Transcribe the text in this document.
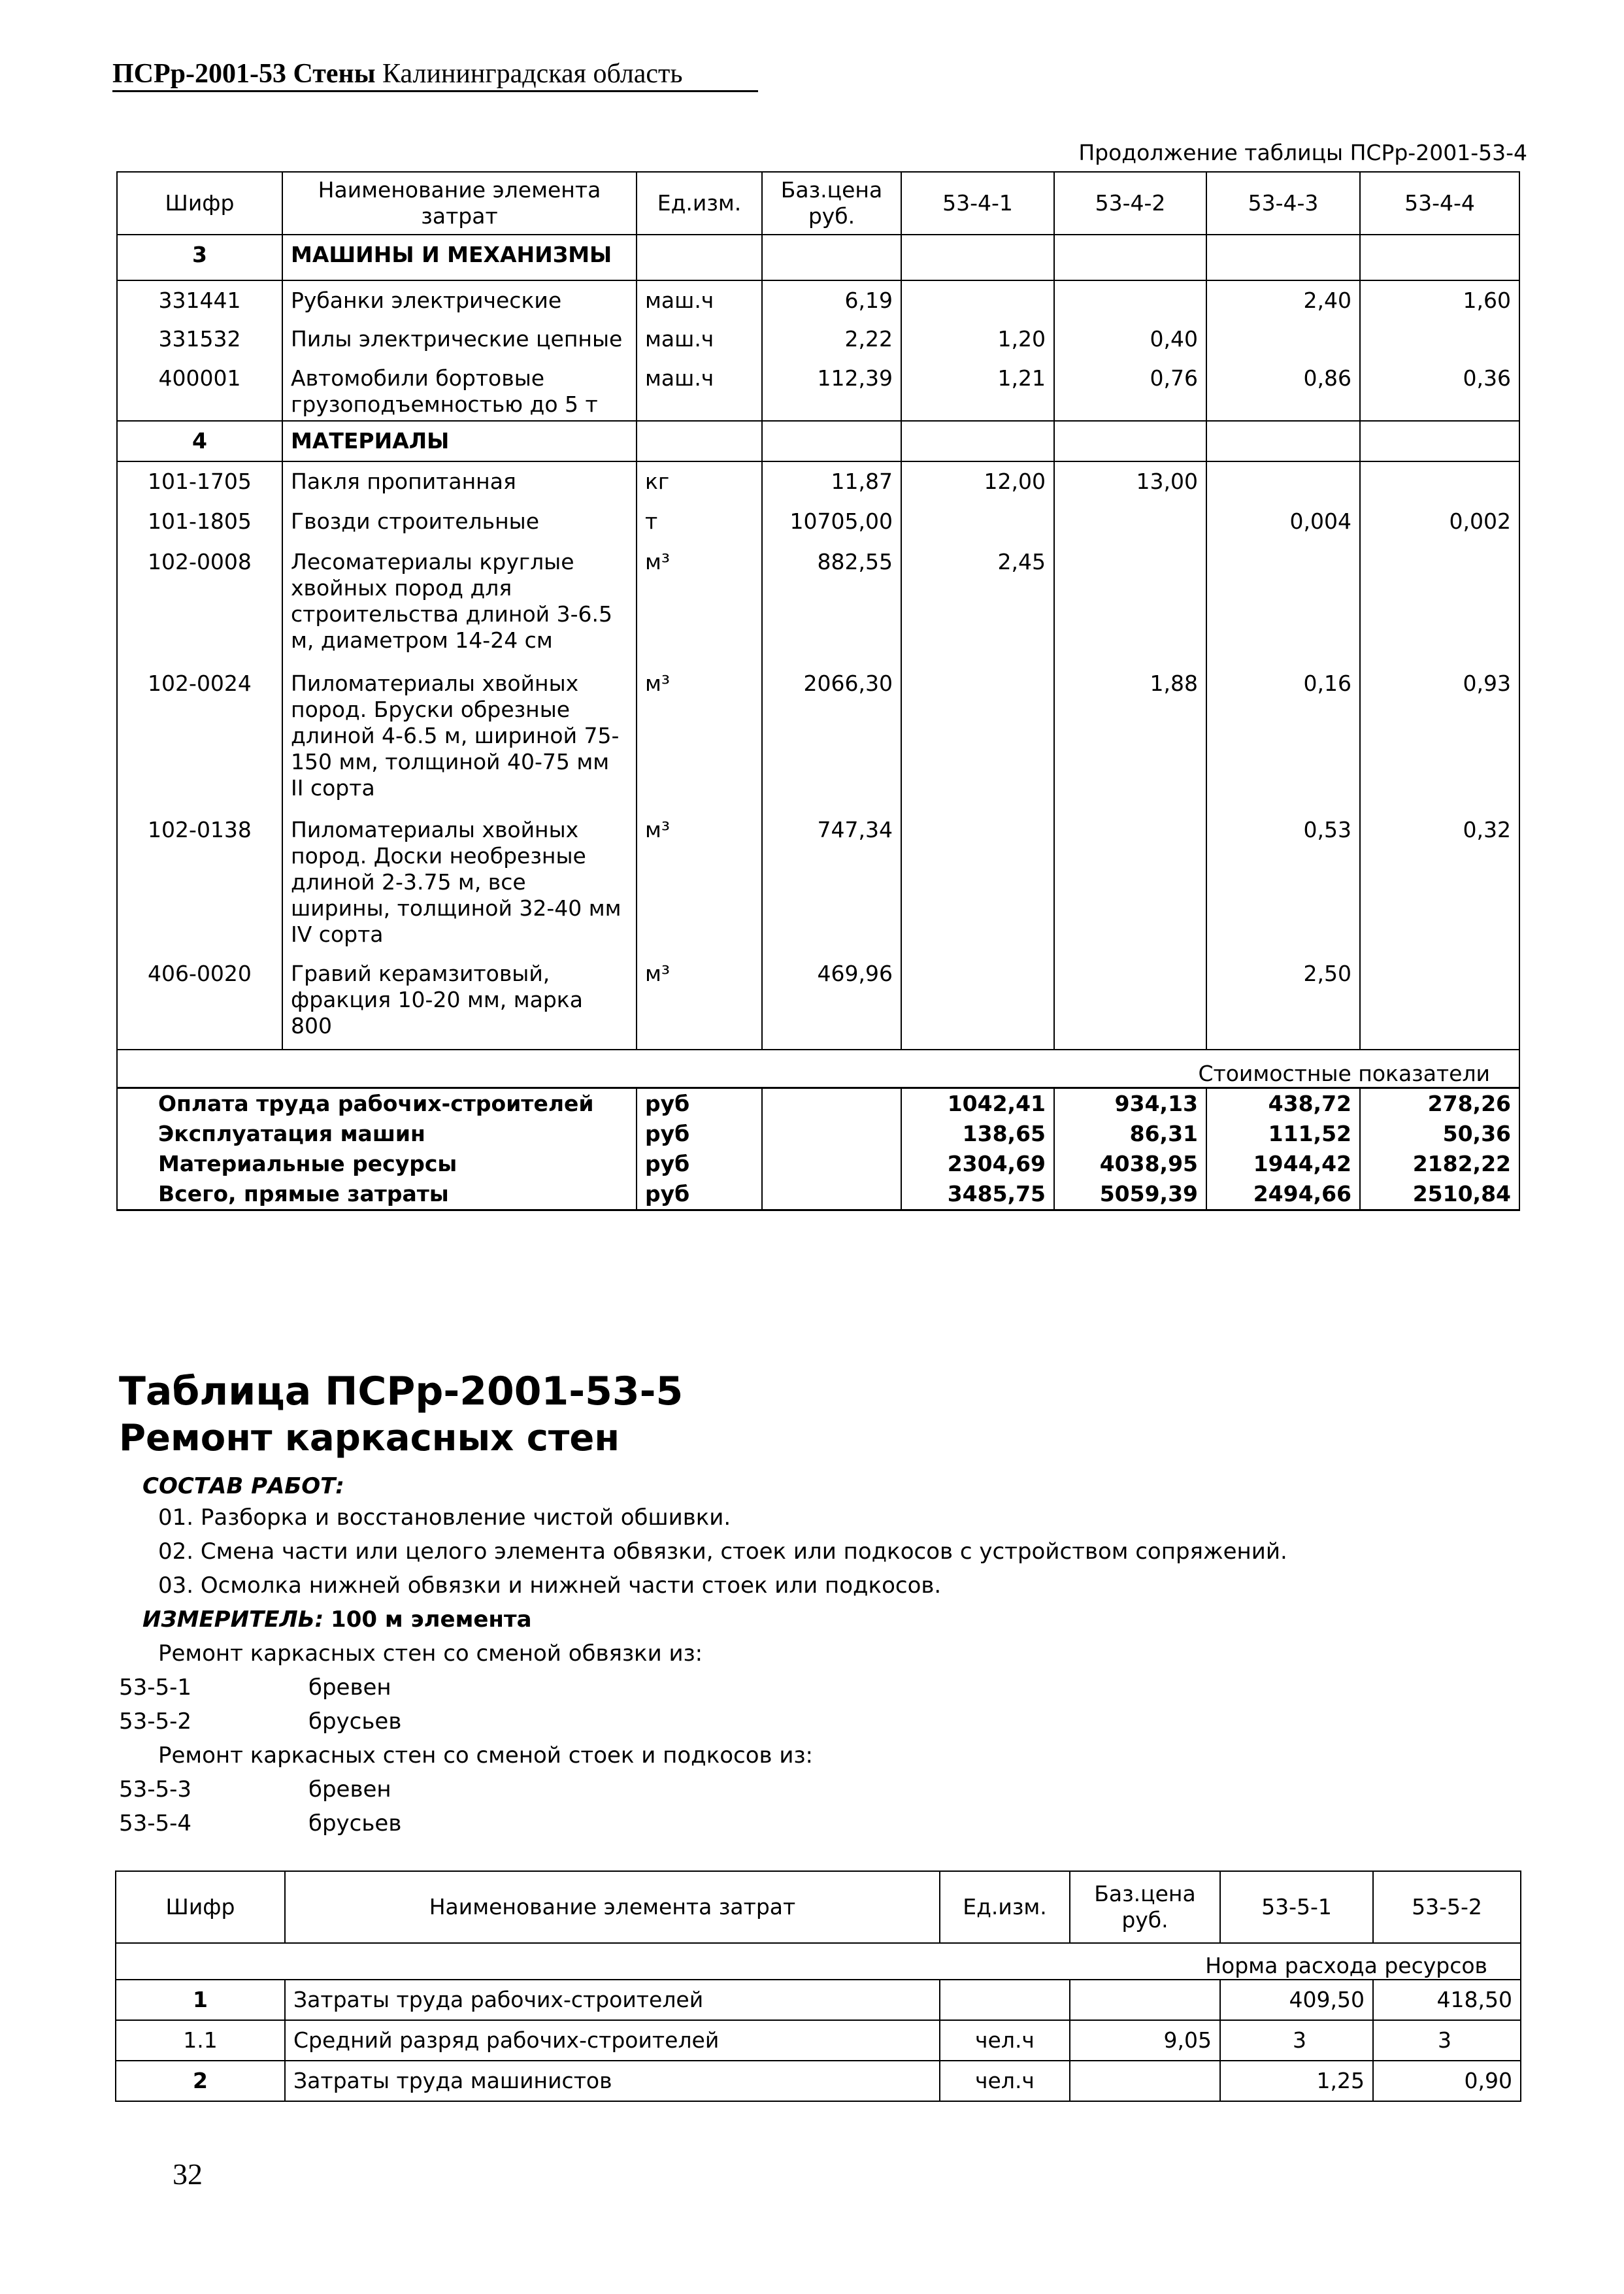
ПСРр-2001-53 Стены Калининградская область
Продолжение таблицы ПСРр-2001-53-4
Шифр	Наименование элемента затрат	Ед.изм.	Баз.цена руб.	53-4-1	53-4-2	53-4-3	53-4-4
3	МАШИНЫ И МЕХАНИЗМЫ						
331441	Рубанки электрические	маш.ч	6,19			2,40	1,60
331532	Пилы электрические цепные	маш.ч	2,22	1,20	0,40		
400001	Автомобили бортовые грузоподъемностью до 5 т	маш.ч	112,39	1,21	0,76	0,86	0,36
4	МАТЕРИАЛЫ						
101-1705	Пакля пропитанная	кг	11,87	12,00	13,00		
101-1805	Гвозди строительные	т	10705,00			0,004	0,002
102-0008	Лесоматериалы круглые хвойных пород для строительства длиной 3-6.5 м, диаметром 14-24 см	м³	882,55	2,45			
102-0024	Пиломатериалы хвойных пород. Бруски обрезные длиной 4-6.5 м, шириной 75-150 мм, толщиной 40-75 мм II сорта	м³	2066,30		1,88	0,16	0,93
102-0138	Пиломатериалы хвойных пород. Доски необрезные длиной 2-3.75 м, все ширины, толщиной 32-40 мм IV сорта	м³	747,34			0,53	0,32
406-0020	Гравий керамзитовый, фракция 10-20 мм, марка 800	м³	469,96			2,50	
Стоимостные показатели							
Оплата труда рабочих-строителей		руб		1042,41	934,13	438,72	278,26
Эксплуатация машин		руб		138,65	86,31	111,52	50,36
Материальные ресурсы		руб		2304,69	4038,95	1944,42	2182,22
Всего, прямые затраты		руб		3485,75	5059,39	2494,66	2510,84
Таблица ПСРр-2001-53-5
Ремонт каркасных стен
СОСТАВ РАБОТ:
01. Разборка и восстановление чистой обшивки.
02. Смена части или целого элемента обвязки, стоек или подкосов с устройством сопряжений.
03. Осмолка нижней обвязки и нижней части стоек или подкосов.
ИЗМЕРИТЕЛЬ: 100 м элемента
Ремонт каркасных стен со сменой обвязки из:
53-5-1	бревен
53-5-2	брусьев
Ремонт каркасных стен со сменой стоек и подкосов из:
53-5-3	бревен
53-5-4	брусьев
Шифр	Наименование элемента затрат	Ед.изм.	Баз.цена руб.	53-5-1	53-5-2
Норма расхода ресурсов					
1	Затраты труда рабочих-строителей			409,50	418,50
1.1	Средний разряд рабочих-строителей	чел.ч	9,05	3	3
2	Затраты труда машинистов	чел.ч		1,25	0,90
32
